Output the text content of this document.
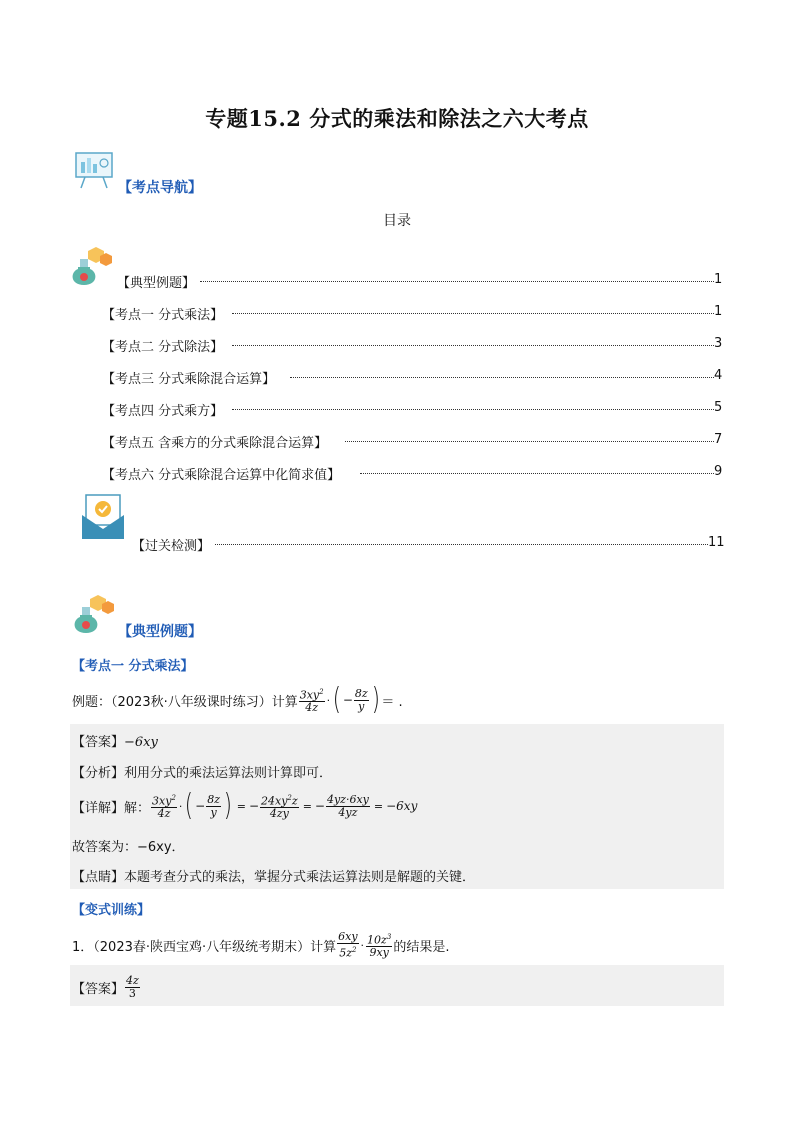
专题15.2 分式的乘法和除法之六大考点
【考点导航】
目录
【典型例题】	1
【考点一 分式乘法】	1
【考点二 分式除法】	3
【考点三 分式乘除混合运算】	4
【考点四 分式乘方】	5
【考点五 含乘方的分式乘除混合运算】	7
【考点六 分式乘除混合运算中化简求值】	9
【过关检测】	11
【典型例题】
【考点一 分式乘法】
例题：（2023秋·八年级课时练习）计算 $\frac{3xy^2}{4z}$ · ( − $\frac{8z}{y}$ ) ＝ .
【答案】−6xy
【分析】利用分式的乘法运算法则计算即可．
【详解】 解： $\frac{3xy^2}{4z}$ · ( − $\frac{8z}{y}$ ) = − $\frac{24xy^2z}{4zy}$ = − $\frac{4yz\cdot 6xy}{4yz} = -6xy$
故答案为：−6xy．
【点睛】本题考查分式的乘法，掌握分式乘法运算法则是解题的关键．
【变式训练】
1．（2023春·陕西宝鸡·八年级统考期末）计算 $\frac{6xy}{5z^2} \cdot \frac{10z^3}{9xy}$ 的结果是.
【答案】 $\frac{4z}{3}$
